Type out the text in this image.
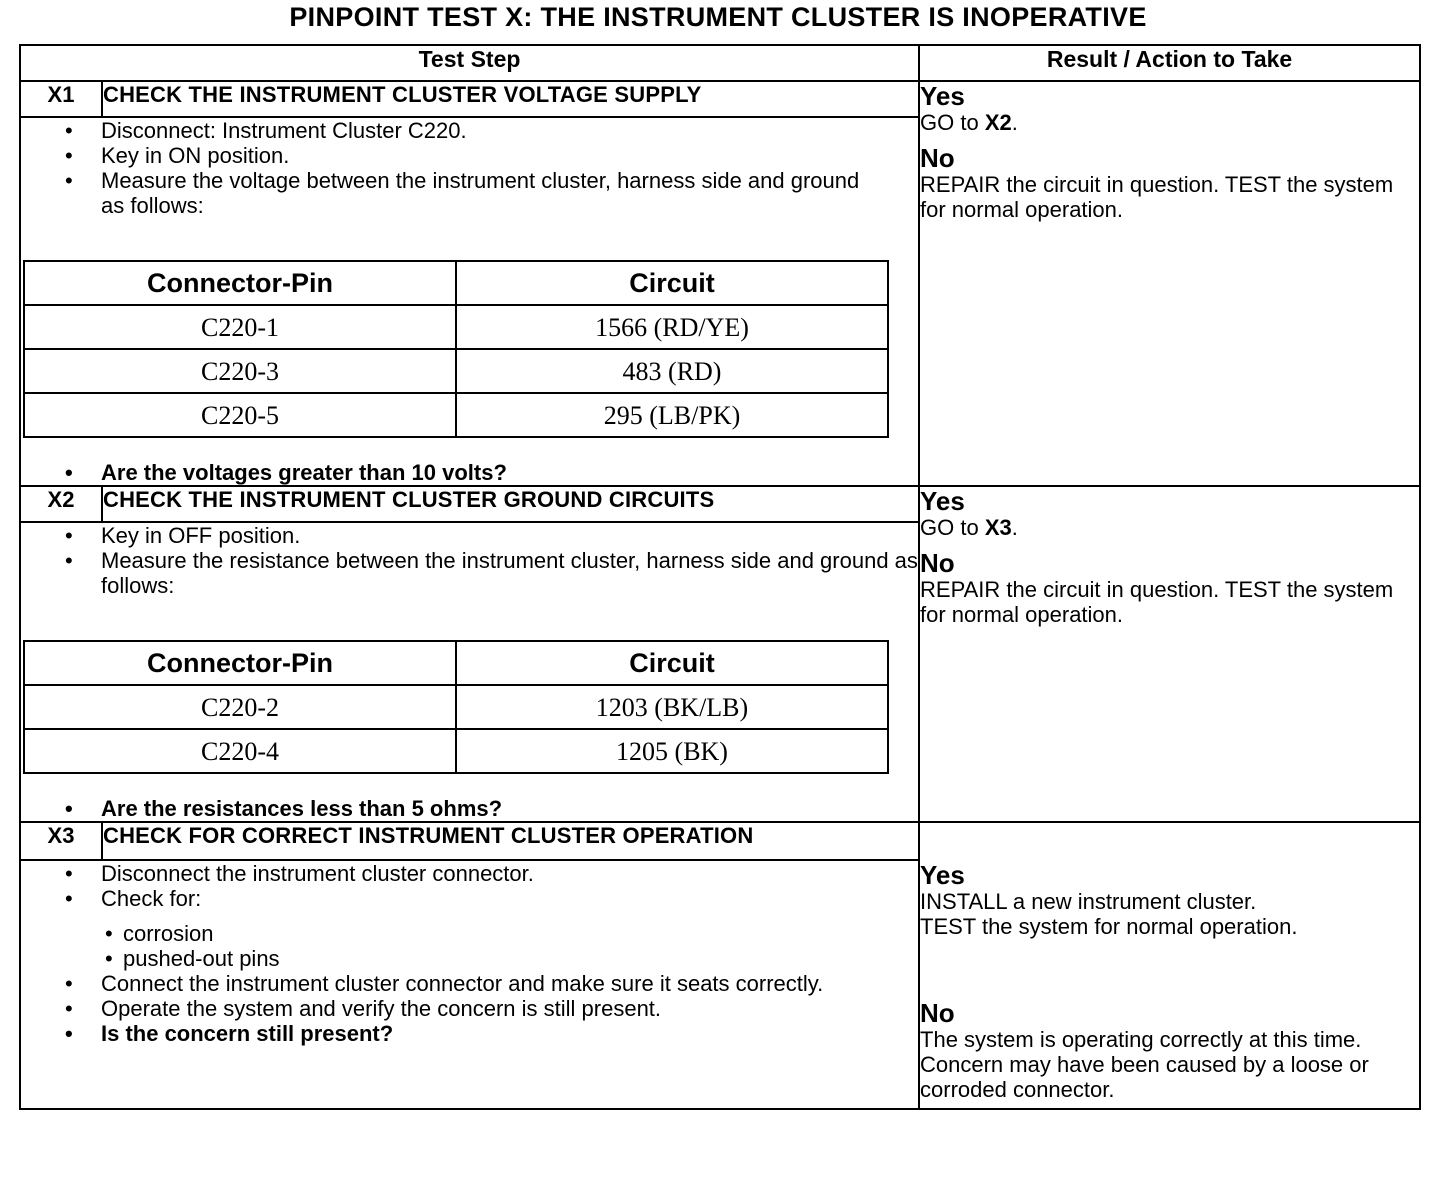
PINPOINT TEST X: THE INSTRUMENT CLUSTER IS INOPERATIVE
Test Step	Result / Action to Take
X1	CHECK THE INSTRUMENT CLUSTER VOLTAGE SUPPLY	Yes
GO to X2.
No
REPAIR the circuit in question. TEST the system for normal operation.

• Disconnect: Instrument Cluster C220.
• Key in ON position.
• Measure the voltage between the instrument cluster, harness side and ground as follows:
Connector-Pin	Circuit
C220-1	1566 (RD/YE)
C220-3	483 (RD)
C220-5	295 (LB/PK)
• Are the voltages greater than 10 volts?

X2	CHECK THE INSTRUMENT CLUSTER GROUND CIRCUITS	Yes
GO to X3.
No
REPAIR the circuit in question. TEST the system for normal operation.

• Key in OFF position.
• Measure the resistance between the instrument cluster, harness side and ground as follows:
Connector-Pin	Circuit
C220-2	1203 (BK/LB)
C220-4	1205 (BK)
• Are the resistances less than 5 ohms?

X3	CHECK FOR CORRECT INSTRUMENT CLUSTER OPERATION	
Yes
INSTALL a new instrument cluster.
TEST the system for normal operation.
No
The system is operating correctly at this time. Concern may have been caused by a loose or corroded connector.

• Disconnect the instrument cluster connector.
• Check for:
• corrosion
• pushed-out pins
• Connect the instrument cluster connector and make sure it seats correctly.
• Operate the system and verify the concern is still present.
• Is the concern still present?
